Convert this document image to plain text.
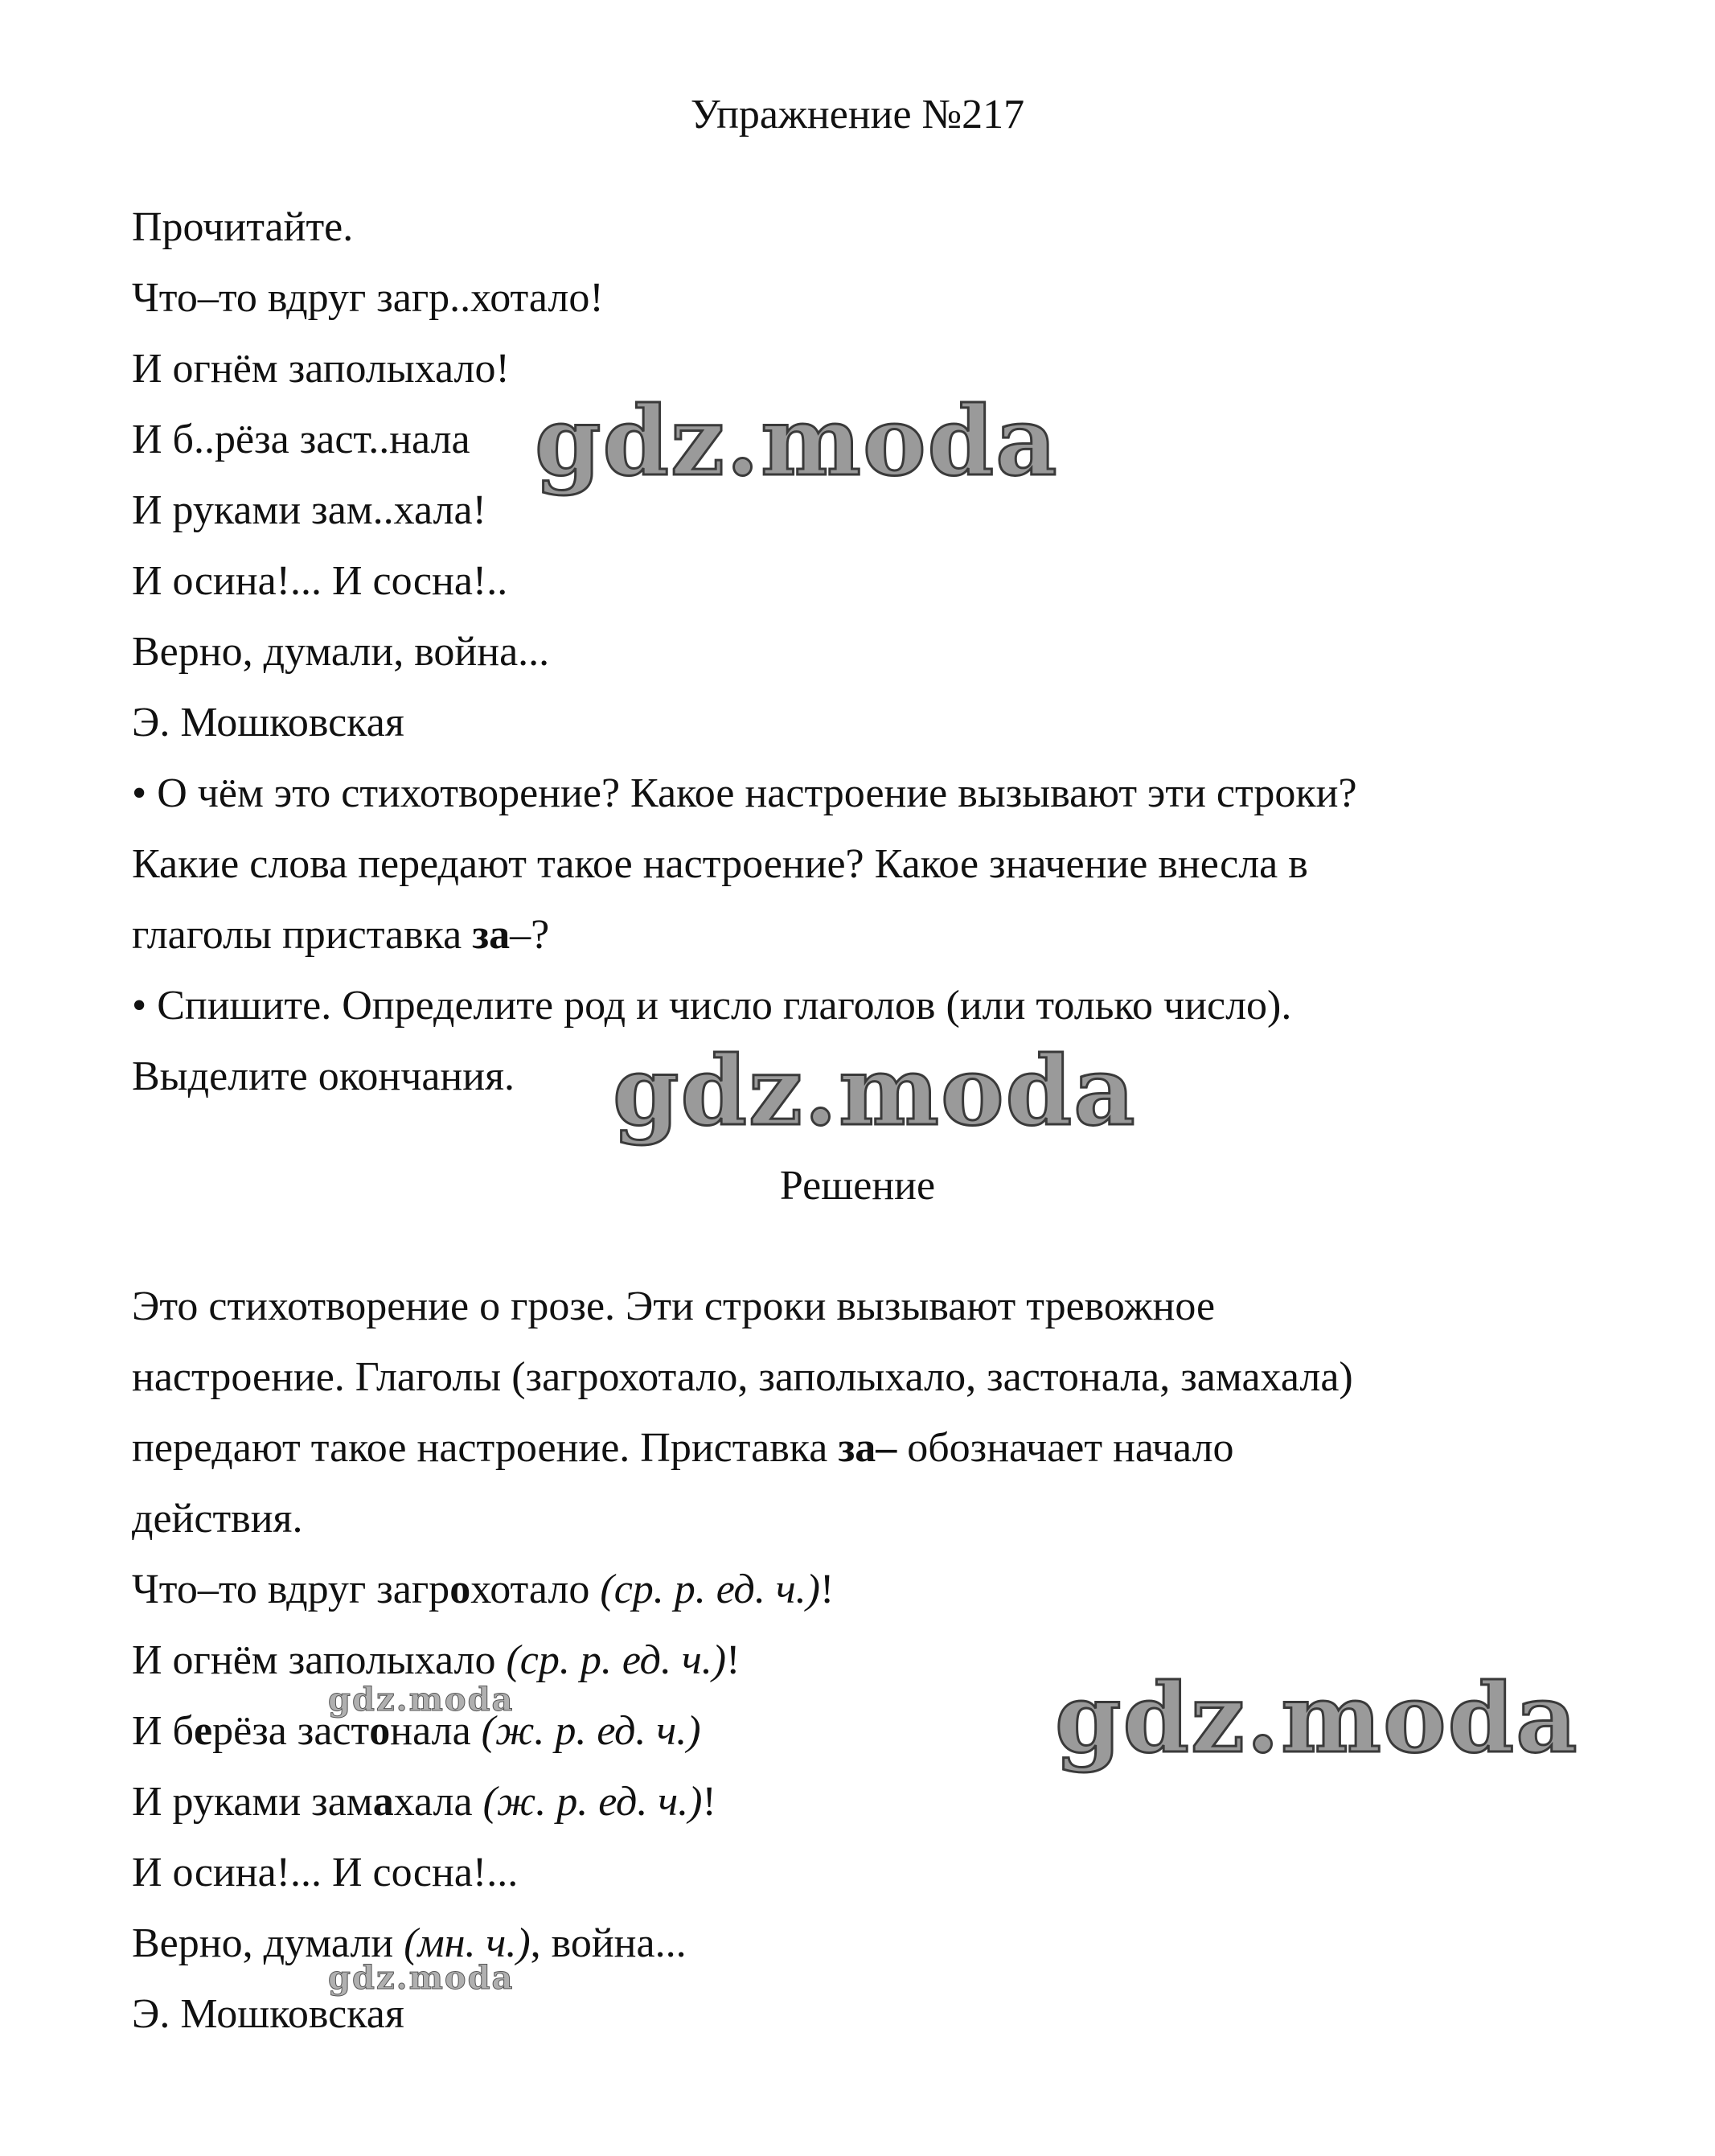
Упражнение №217
Прочитайте.
Что–то вдруг загр..хотало!
И огнём заполыхало!
И б..рёза заст..нала
И руками зам..хала!
И осина!... И сосна!..
Верно, думали, война...
Э. Мошковская
• О чём это стихотворение? Какое настроение вызывают эти строки?
Какие слова передают такое настроение? Какое значение внесла в
глаголы приставка за–?
• Спишите. Определите род и число глаголов (или только число).
Выделите окончания.
Решение
Это стихотворение о грозе. Эти строки вызывают тревожное
настроение. Глаголы (загрохотало, заполыхало, застонала, замахала)
передают такое настроение. Приставка за– обозначает начало
действия.
Что–то вдруг загрохотало (ср. р. ед. ч.)!
И огнём заполыхало (ср. р. ед. ч.)!
И берёза застонала (ж. р. ед. ч.)
И руками замахала (ж. р. ед. ч.)!
И осина!... И сосна!...
Верно, думали (мн. ч.), война...
Э. Мошковская
gdz.moda
gdz.moda
gdz.moda
gdz.moda
gdz.moda
